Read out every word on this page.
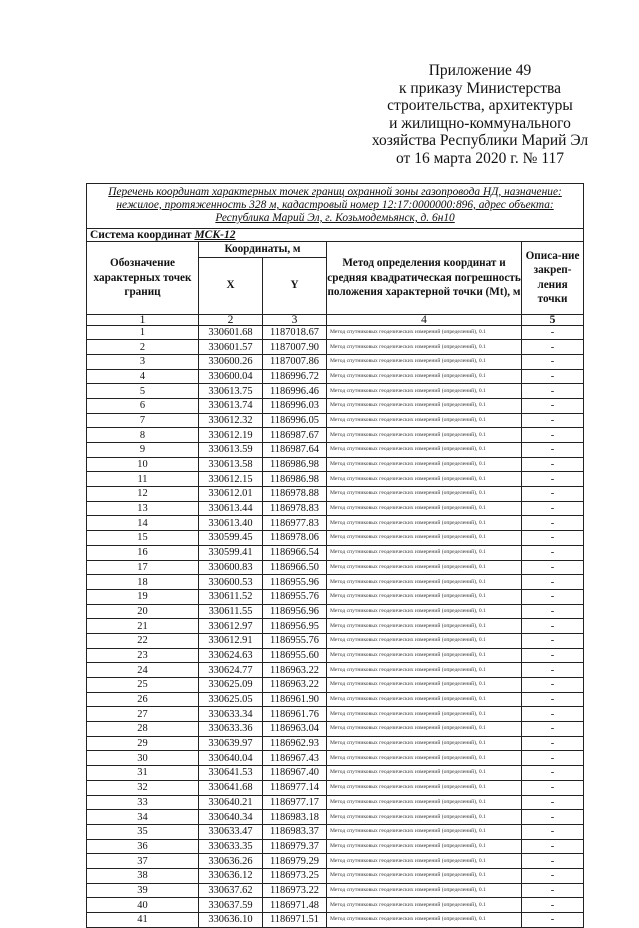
Приложение 49
к приказу Министерства
строительства, архитектуры
и жилищно-коммунального
хозяйства Республики Марий Эл
от 16 марта 2020 г. № 117
Перечень координат характерных точек границ охранной зоны газопровода НД, назначение: нежилое, протяженность 328 м, кадастровый номер 12:17:0000000:896, адрес объекта: Республика Марий Эл, г. Козьмодемьянск, д. 6н10				
Система координат МСК-12				
Обозначение характерных точек границ	Координаты, м		Метод определения координат и средняя квадратическая погрешность положения характерной точки (Mt), м	Описа-ние закреп-ления точки
	X	Y		
1	2	3	4	5
1	330601.68	1187018.67	Метод спутниковых геодезических измерений (определений), 0.1	-
2	330601.57	1187007.90	Метод спутниковых геодезических измерений (определений), 0.1	-
3	330600.26	1187007.86	Метод спутниковых геодезических измерений (определений), 0.1	-
4	330600.04	1186996.72	Метод спутниковых геодезических измерений (определений), 0.1	-
5	330613.75	1186996.46	Метод спутниковых геодезических измерений (определений), 0.1	-
6	330613.74	1186996.03	Метод спутниковых геодезических измерений (определений), 0.1	-
7	330612.32	1186996.05	Метод спутниковых геодезических измерений (определений), 0.1	-
8	330612.19	1186987.67	Метод спутниковых геодезических измерений (определений), 0.1	-
9	330613.59	1186987.64	Метод спутниковых геодезических измерений (определений), 0.1	-
10	330613.58	1186986.98	Метод спутниковых геодезических измерений (определений), 0.1	-
11	330612.15	1186986.98	Метод спутниковых геодезических измерений (определений), 0.1	-
12	330612.01	1186978.88	Метод спутниковых геодезических измерений (определений), 0.1	-
13	330613.44	1186978.83	Метод спутниковых геодезических измерений (определений), 0.1	-
14	330613.40	1186977.83	Метод спутниковых геодезических измерений (определений), 0.1	-
15	330599.45	1186978.06	Метод спутниковых геодезических измерений (определений), 0.1	-
16	330599.41	1186966.54	Метод спутниковых геодезических измерений (определений), 0.1	-
17	330600.83	1186966.50	Метод спутниковых геодезических измерений (определений), 0.1	-
18	330600.53	1186955.96	Метод спутниковых геодезических измерений (определений), 0.1	-
19	330611.52	1186955.76	Метод спутниковых геодезических измерений (определений), 0.1	-
20	330611.55	1186956.96	Метод спутниковых геодезических измерений (определений), 0.1	-
21	330612.97	1186956.95	Метод спутниковых геодезических измерений (определений), 0.1	-
22	330612.91	1186955.76	Метод спутниковых геодезических измерений (определений), 0.1	-
23	330624.63	1186955.60	Метод спутниковых геодезических измерений (определений), 0.1	-
24	330624.77	1186963.22	Метод спутниковых геодезических измерений (определений), 0.1	-
25	330625.09	1186963.22	Метод спутниковых геодезических измерений (определений), 0.1	-
26	330625.05	1186961.90	Метод спутниковых геодезических измерений (определений), 0.1	-
27	330633.34	1186961.76	Метод спутниковых геодезических измерений (определений), 0.1	-
28	330633.36	1186963.04	Метод спутниковых геодезических измерений (определений), 0.1	-
29	330639.97	1186962.93	Метод спутниковых геодезических измерений (определений), 0.1	-
30	330640.04	1186967.43	Метод спутниковых геодезических измерений (определений), 0.1	-
31	330641.53	1186967.40	Метод спутниковых геодезических измерений (определений), 0.1	-
32	330641.68	1186977.14	Метод спутниковых геодезических измерений (определений), 0.1	-
33	330640.21	1186977.17	Метод спутниковых геодезических измерений (определений), 0.1	-
34	330640.34	1186983.18	Метод спутниковых геодезических измерений (определений), 0.1	-
35	330633.47	1186983.37	Метод спутниковых геодезических измерений (определений), 0.1	-
36	330633.35	1186979.37	Метод спутниковых геодезических измерений (определений), 0.1	-
37	330636.26	1186979.29	Метод спутниковых геодезических измерений (определений), 0.1	-
38	330636.12	1186973.25	Метод спутниковых геодезических измерений (определений), 0.1	-
39	330637.62	1186973.22	Метод спутниковых геодезических измерений (определений), 0.1	-
40	330637.59	1186971.48	Метод спутниковых геодезических измерений (определений), 0.1	-
41	330636.10	1186971.51	Метод спутниковых геодезических измерений (определений), 0.1	-
